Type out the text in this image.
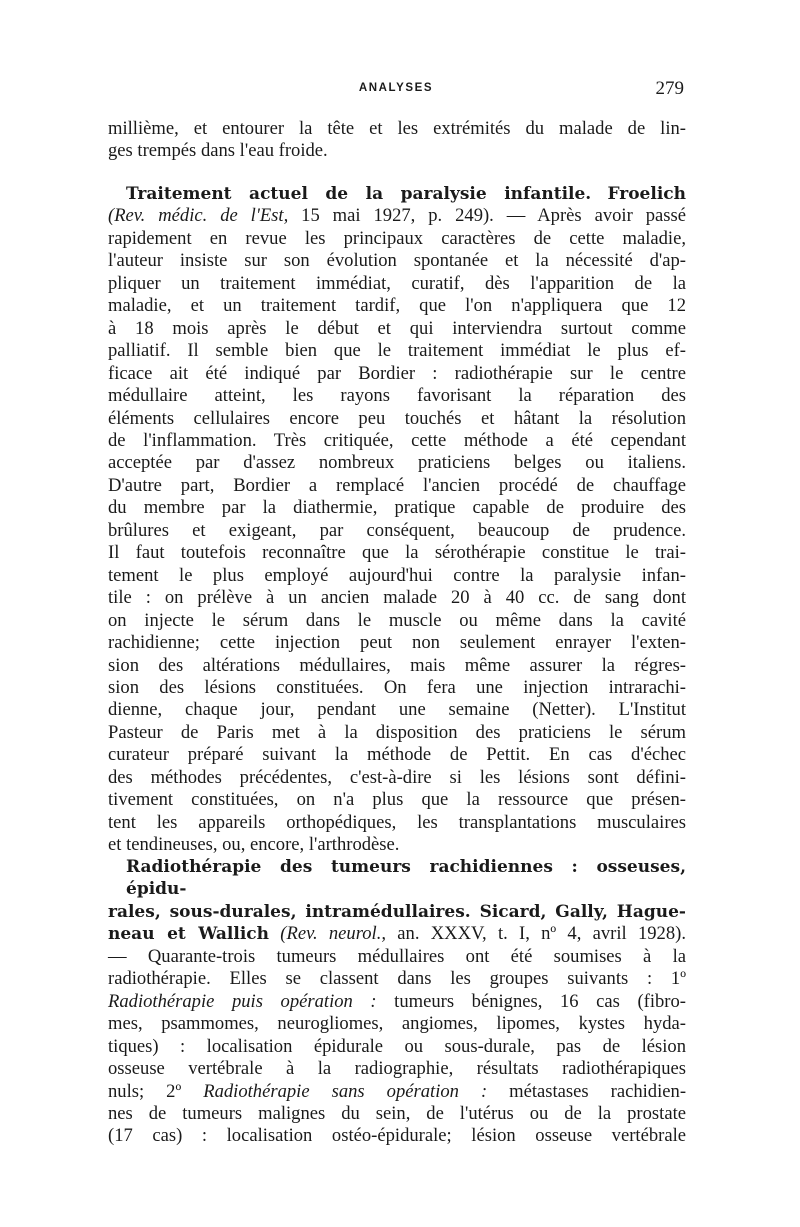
ANALYSES	279

millième, et entourer la tête et les extrémités du malade de lin-
ges trempés dans l'eau froide.

Traitement actuel de la paralysie infantile. Froelich
(Rev. médic. de l'Est, 15 mai 1927, p. 249). — Après avoir passé
rapidement en revue les principaux caractères de cette maladie,
l'auteur insiste sur son évolution spontanée et la nécessité d'ap-
pliquer un traitement immédiat, curatif, dès l'apparition de la
maladie, et un traitement tardif, que l'on n'appliquera que 12
à 18 mois après le début et qui interviendra surtout comme
palliatif. Il semble bien que le traitement immédiat le plus ef-
ficace ait été indiqué par Bordier : radiothérapie sur le centre
médullaire atteint, les rayons favorisant la réparation des
éléments cellulaires encore peu touchés et hâtant la résolution
de l'inflammation. Très critiquée, cette méthode a été cependant
acceptée par d'assez nombreux praticiens belges ou italiens.
D'autre part, Bordier a remplacé l'ancien procédé de chauffage
du membre par la diathermie, pratique capable de produire des
brûlures et exigeant, par conséquent, beaucoup de prudence.
Il faut toutefois reconnaître que la sérothérapie constitue le trai-
tement le plus employé aujourd'hui contre la paralysie infan-
tile : on prélève à un ancien malade 20 à 40 cc. de sang dont
on injecte le sérum dans le muscle ou même dans la cavité
rachidienne; cette injection peut non seulement enrayer l'exten-
sion des altérations médullaires, mais même assurer la régres-
sion des lésions constituées. On fera une injection intrarachi-
dienne, chaque jour, pendant une semaine (Netter). L'Institut
Pasteur de Paris met à la disposition des praticiens le sérum
curateur préparé suivant la méthode de Pettit. En cas d'échec
des méthodes précédentes, c'est-à-dire si les lésions sont défini-
tivement constituées, on n'a plus que la ressource que présen-
tent les appareils orthopédiques, les transplantations musculaires
et tendineuses, ou, encore, l'arthrodèse.

Radiothérapie des tumeurs rachidiennes : osseuses, épidu-
rales, sous-durales, intramédullaires. Sicard, Gally, Hague-
neau et Wallich (Rev. neurol., an. XXXV, t. I, nº 4, avril 1928).
— Quarante-trois tumeurs médullaires ont été soumises à la
radiothérapie. Elles se classent dans les groupes suivants : 1º
Radiothérapie puis opération : tumeurs bénignes, 16 cas (fibro-
mes, psammomes, neurogliomes, angiomes, lipomes, kystes hyda-
tiques) : localisation épidurale ou sous-durale, pas de lésion
osseuse vertébrale à la radiographie, résultats radiothérapiques
nuls; 2º Radiothérapie sans opération : métastases rachidien-
nes de tumeurs malignes du sein, de l'utérus ou de la prostate
(17 cas) : localisation ostéo-épidurale; lésion osseuse vertébrale
